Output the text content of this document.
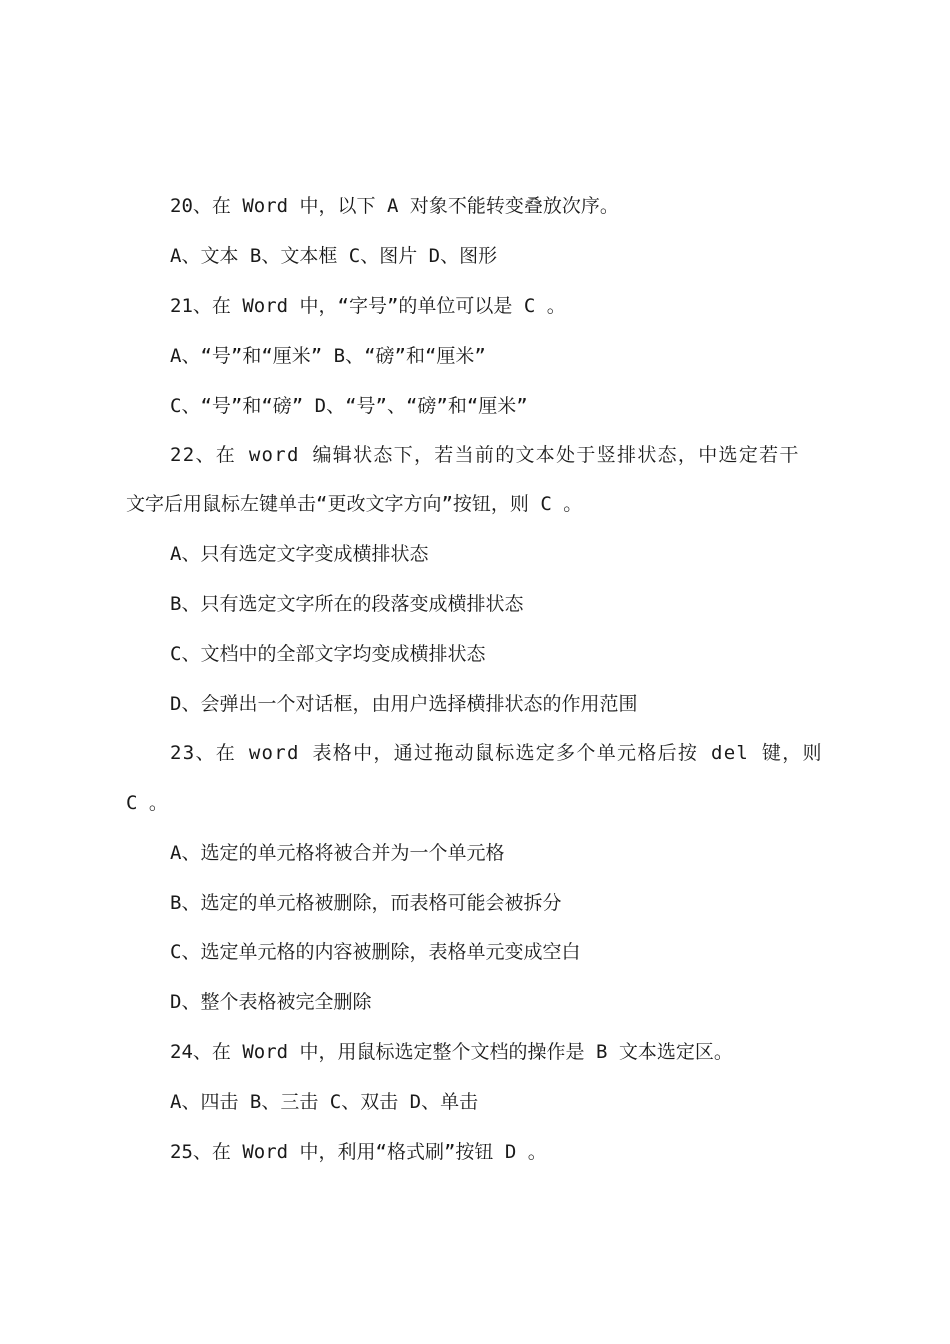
20、在 Word 中，以下 A 对象不能转变叠放次序。
A、文本 B、文本框 C、图片 D、图形
21、在 Word 中，“字号”的单位可以是 C 。
A、“号”和“厘米” B、“磅”和“厘米”
C、“号”和“磅” D、“号”、“磅”和“厘米”
22、在 word 编辑状态下，若当前的文本处于竖排状态，中选定若干
文字后用鼠标左键单击“更改文字方向”按钮，则 C 。
A、只有选定文字变成横排状态
B、只有选定文字所在的段落变成横排状态
C、文档中的全部文字均变成横排状态
D、会弹出一个对话框，由用户选择横排状态的作用范围
23、在 word 表格中，通过拖动鼠标选定多个单元格后按 del 键，则
C 。
A、选定的单元格将被合并为一个单元格
B、选定的单元格被删除，而表格可能会被拆分
C、选定单元格的内容被删除，表格单元变成空白
D、整个表格被完全删除
24、在 Word 中，用鼠标选定整个文档的操作是 B 文本选定区。
A、四击 B、三击 C、双击 D、单击
25、在 Word 中，利用“格式刷”按钮 D 。
